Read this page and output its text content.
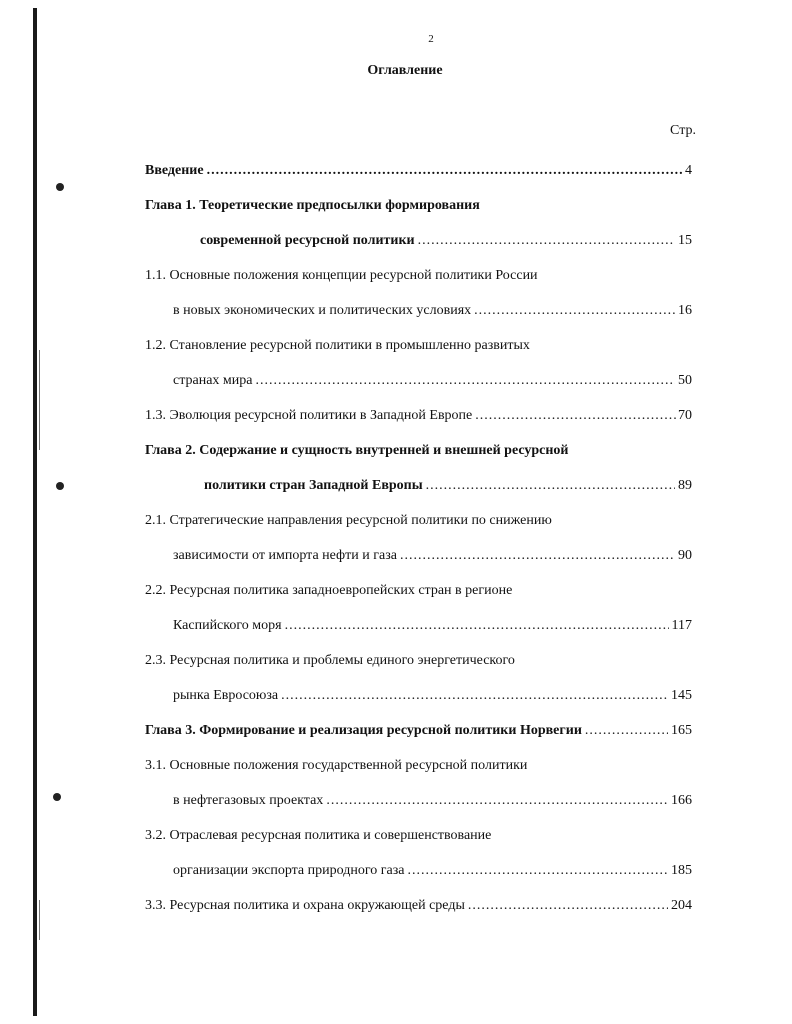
2
Оглавление
Стр.
Введение .....	4
Глава 1. Теоретические предпосылки формирования
современной ресурсной политики .....	15
1.1. Основные положения концепции ресурсной политики России
в новых экономических и политических условиях .....	16
1.2. Становление ресурсной политики в промышленно развитых
странах мира .....	50
1.3. Эволюция ресурсной политики в Западной Европе .....	70
Глава 2. Содержание и сущность внутренней и внешней ресурсной
политики стран Западной Европы .....	89
2.1. Стратегические направления ресурсной политики по снижению
зависимости от импорта нефти и газа .....	90
2.2. Ресурсная политика западноевропейских стран в регионе
Каспийского моря .....	117
2.3. Ресурсная политика и проблемы единого энергетического
рынка Евросоюза .....	145
Глава 3. Формирование и реализация ресурсной политики Норвегии .....	165
3.1. Основные положения государственной ресурсной политики
в нефтегазовых проектах .....	166
3.2. Отраслевая ресурсная политика и совершенствование
организации экспорта природного газа .....	185
3.3. Ресурсная политика и охрана окружающей среды .....	204
